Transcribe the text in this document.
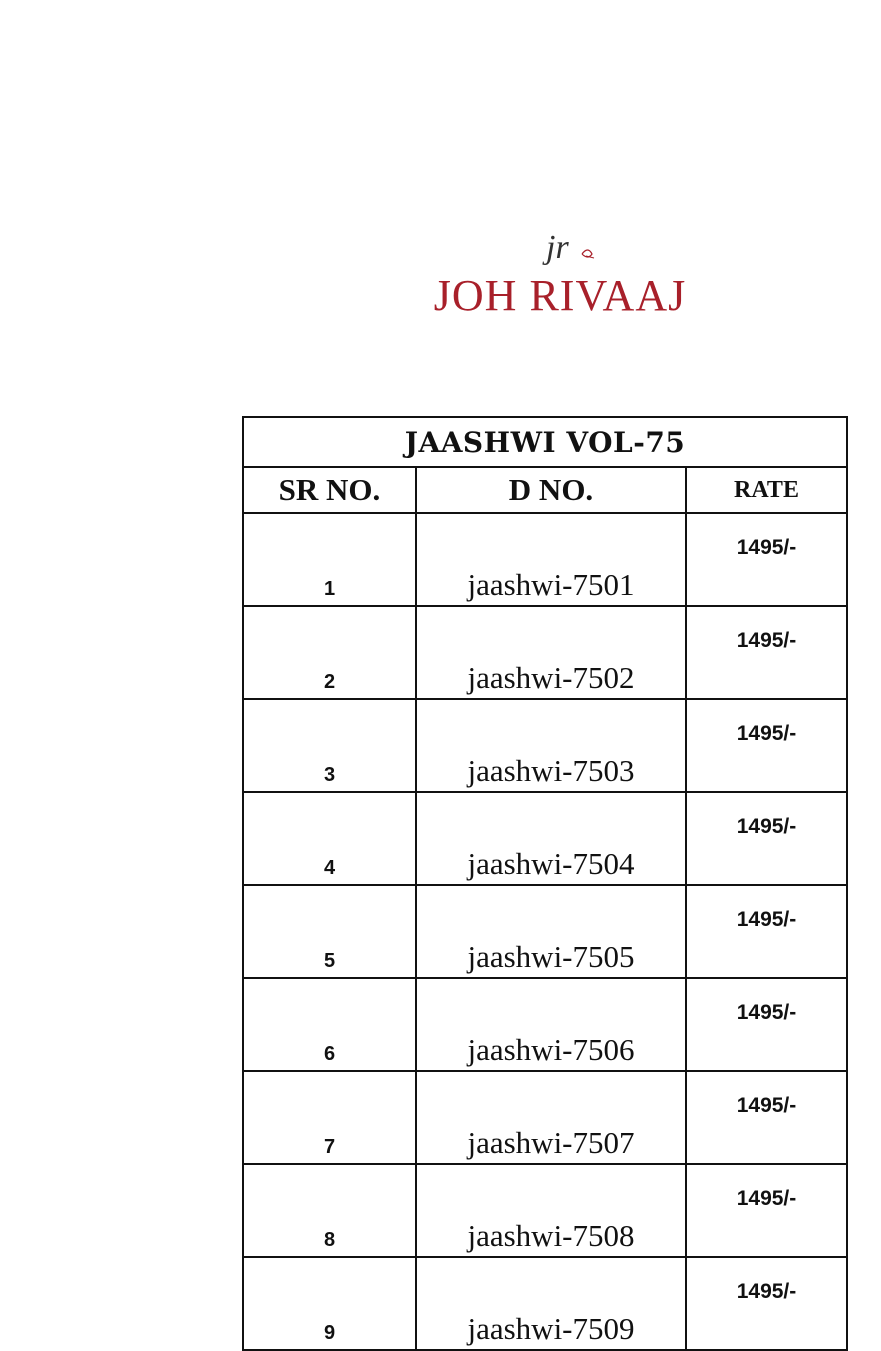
jr
JOH RIVAAJ
JAASHWI VOL-75		
SR NO.	D NO.	RATE
1	jaashwi-7501	1495/-
2	jaashwi-7502	1495/-
3	jaashwi-7503	1495/-
4	jaashwi-7504	1495/-
5	jaashwi-7505	1495/-
6	jaashwi-7506	1495/-
7	jaashwi-7507	1495/-
8	jaashwi-7508	1495/-
9	jaashwi-7509	1495/-
